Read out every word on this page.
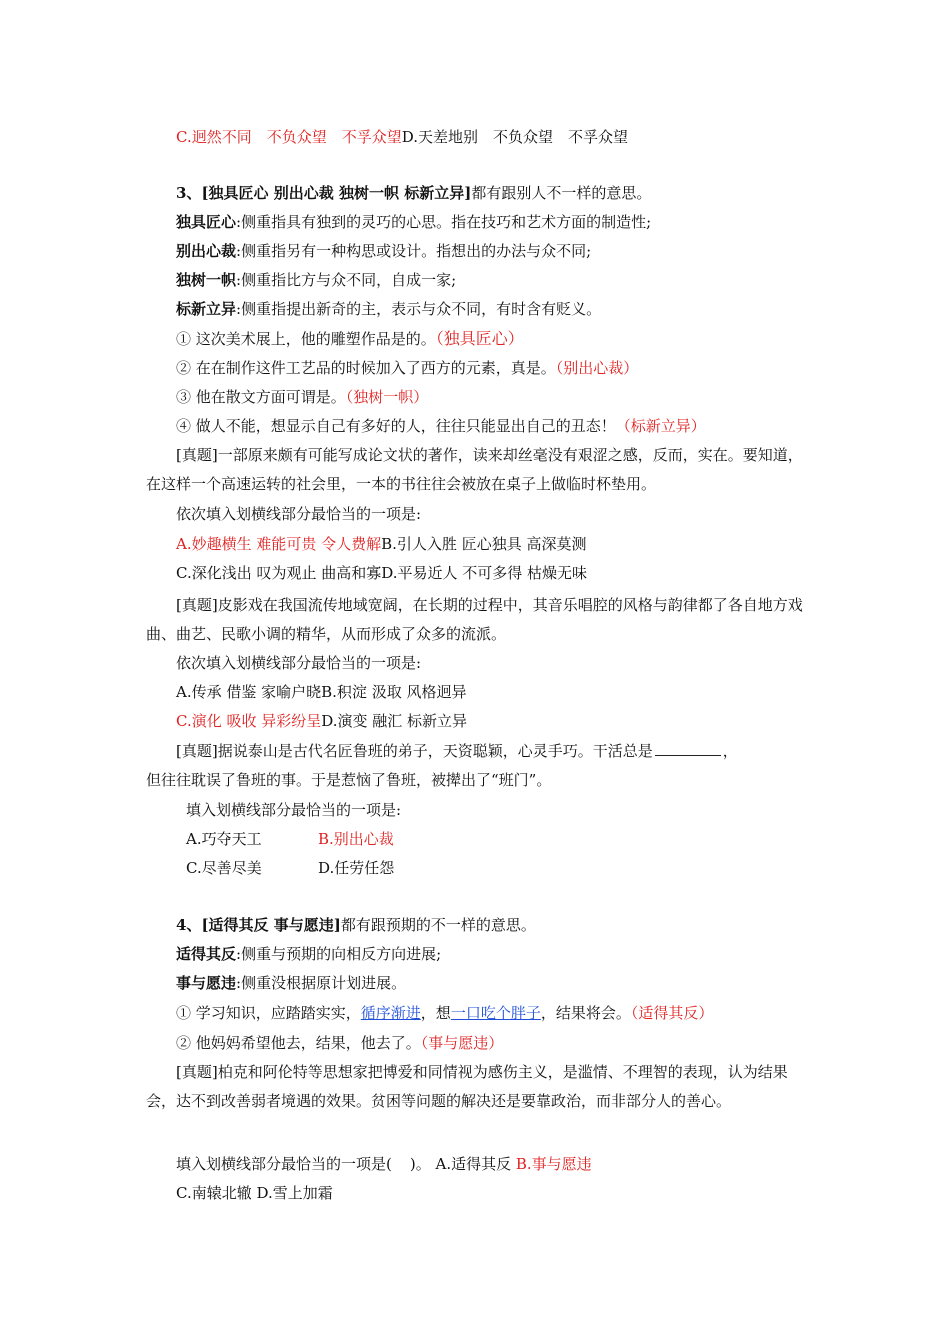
C.迥然不同　不负众望　不孚众望D.天差地别　不负众望　不孚众望
3、[独具匠心 别出心裁 独树一帜 标新立异]都有跟别人不一样的意思。
独具匠心:侧重指具有独到的灵巧的心思。指在技巧和艺术方面的制造性;
别出心裁:侧重指另有一种构思或设计。指想出的办法与众不同;
独树一帜:侧重指比方与众不同，自成一家;
标新立异:侧重指提出新奇的主，表示与众不同，有时含有贬义。
① 这次美术展上，他的雕塑作品是的。（独具匠心）
② 在在制作这件工艺品的时候加入了西方的元素，真是。（别出心裁）
③ 他在散文方面可谓是。（独树一帜）
④ 做人不能，想显示自己有多好的人，往往只能显出自己的丑态！（标新立异）
[真题]一部原来颇有可能写成论文状的著作，读来却丝毫没有艰涩之感，反而，实在。要知道，在这样一个高速运转的社会里，一本的书往往会被放在桌子上做临时杯垫用。
依次填入划横线部分最恰当的一项是:
A.妙趣横生 难能可贵 令人费解B.引人入胜 匠心独具 高深莫测
C.深化浅出 叹为观止 曲高和寡D.平易近人 不可多得 枯燥无味
[真题]皮影戏在我国流传地域宽阔，在长期的过程中，其音乐唱腔的风格与韵律都了各自地方戏曲、曲艺、民歌小调的精华，从而形成了众多的流派。
依次填入划横线部分最恰当的一项是:
A.传承 借鉴 家喻户晓B.积淀 汲取 风格迥异
C.演化 吸收 异彩纷呈D.演变 融汇 标新立异
[真题]据说泰山是古代名匠鲁班的弟子，天资聪颖，心灵手巧。干活总是	，
但往往耽误了鲁班的事。于是惹恼了鲁班，被撵出了“班门”。
填入划横线部分最恰当的一项是:
A.巧夺天工	B.别出心裁
C.尽善尽美	D.任劳任怨
4、[适得其反 事与愿违]都有跟预期的不一样的意思。
适得其反:侧重与预期的向相反方向进展;
事与愿违:侧重没根据原计划进展。
① 学习知识，应踏踏实实，循序渐进，想一口吃个胖子，结果将会。（适得其反）
② 他妈妈希望他去，结果，他去了。（事与愿违）
[真题]柏克和阿伦特等思想家把博爱和同情视为感伤主义，是滥情、不理智的表现，认为结果会，达不到改善弱者境遇的效果。贫困等问题的解决还是要靠政治，而非部分人的善心。
填入划横线部分最恰当的一项是( )。 A.适得其反 B.事与愿违
C.南辕北辙 D.雪上加霜
